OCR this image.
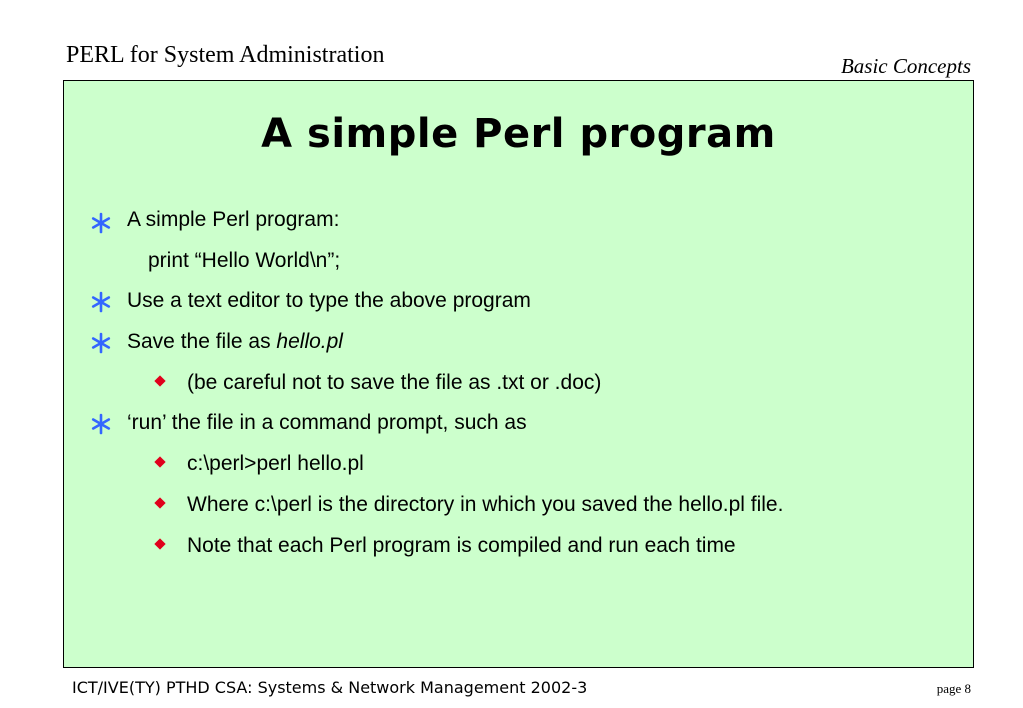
PERL for System Administration	Basic Concepts
A simple Perl program
A simple Perl program:
print “Hello World\n”;
Use a text editor to type the above program
Save the file as hello.pl
(be careful not to save the file as .txt or .doc)
‘run’ the file in a command prompt, such as
c:\perl>perl hello.pl
Where c:\perl is the directory in which you saved the hello.pl file.
Note that each Perl program is compiled and run each time
ICT/IVE(TY) PTHD CSA: Systems & Network Management 2002-3	page 8
